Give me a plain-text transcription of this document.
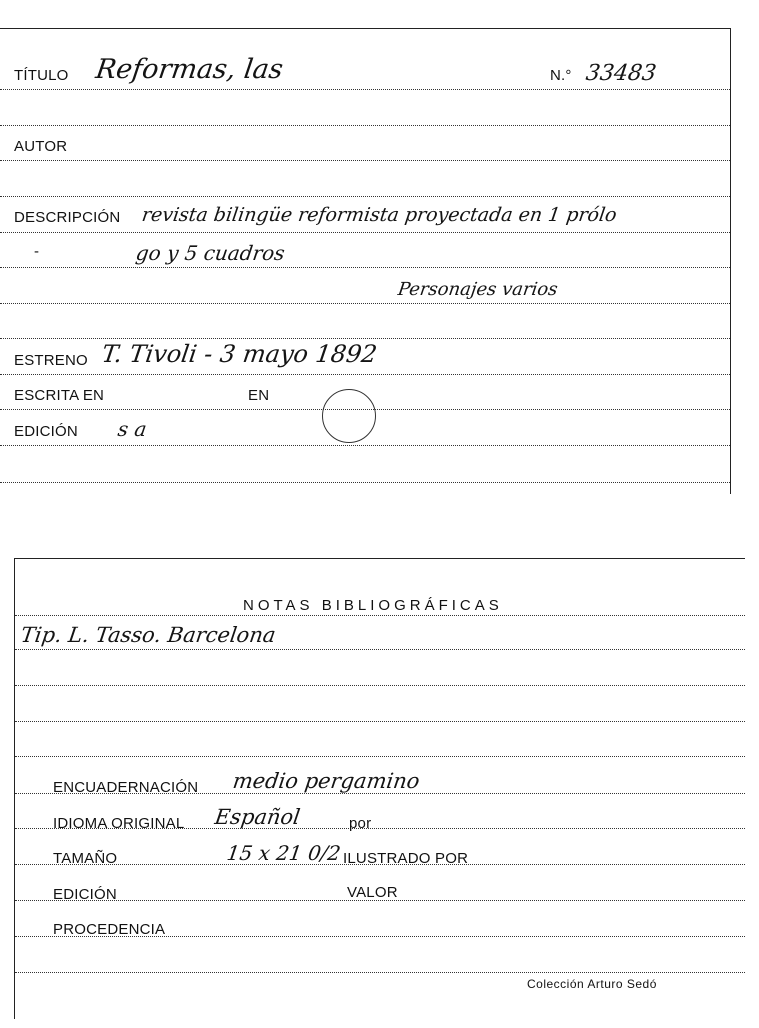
TÍTULO Reformas, las	N.° 33483
AUTOR
DESCRIPCIÓN revista bilingüe reformista proyectada en 1 prólo
-	go y 5 cuadros
Personajes varios
ESTRENO T. Tivoli - 3 mayo 1892
ESCRITA EN	EN
EDICIÓN s a
NOTAS BIBLIOGRÁFICAS
Tip. L. Tasso. Barcelona
ENCUADERNACIÓN medio pergamino
IDIOMA ORIGINAL Español	por
TAMAÑO	15 x 21 0/2 ILUSTRADO POR
EDICIÓN	VALOR
PROCEDENCIA
Colección Arturo Sedó
